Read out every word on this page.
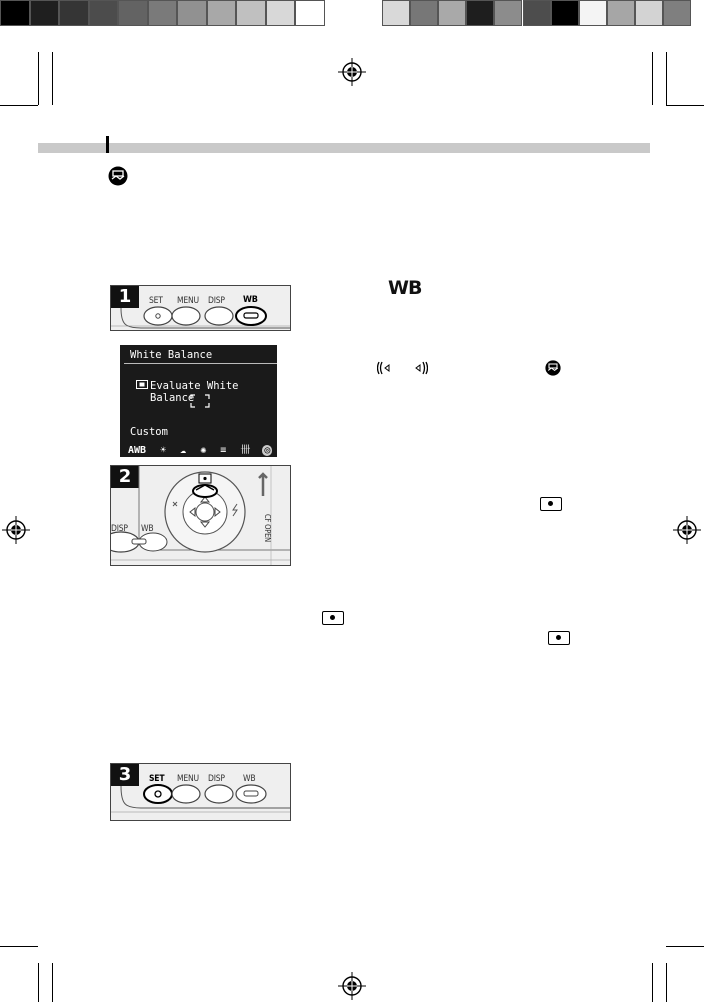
1	SET MENU DISP WB
White Balance
Evaluate White Balance
Custom
AWB ☀ ☁ ✺ ≡ 卌 ◎
2
DISP WB	CF OPEN
3	SET MENU DISP WB
WB
